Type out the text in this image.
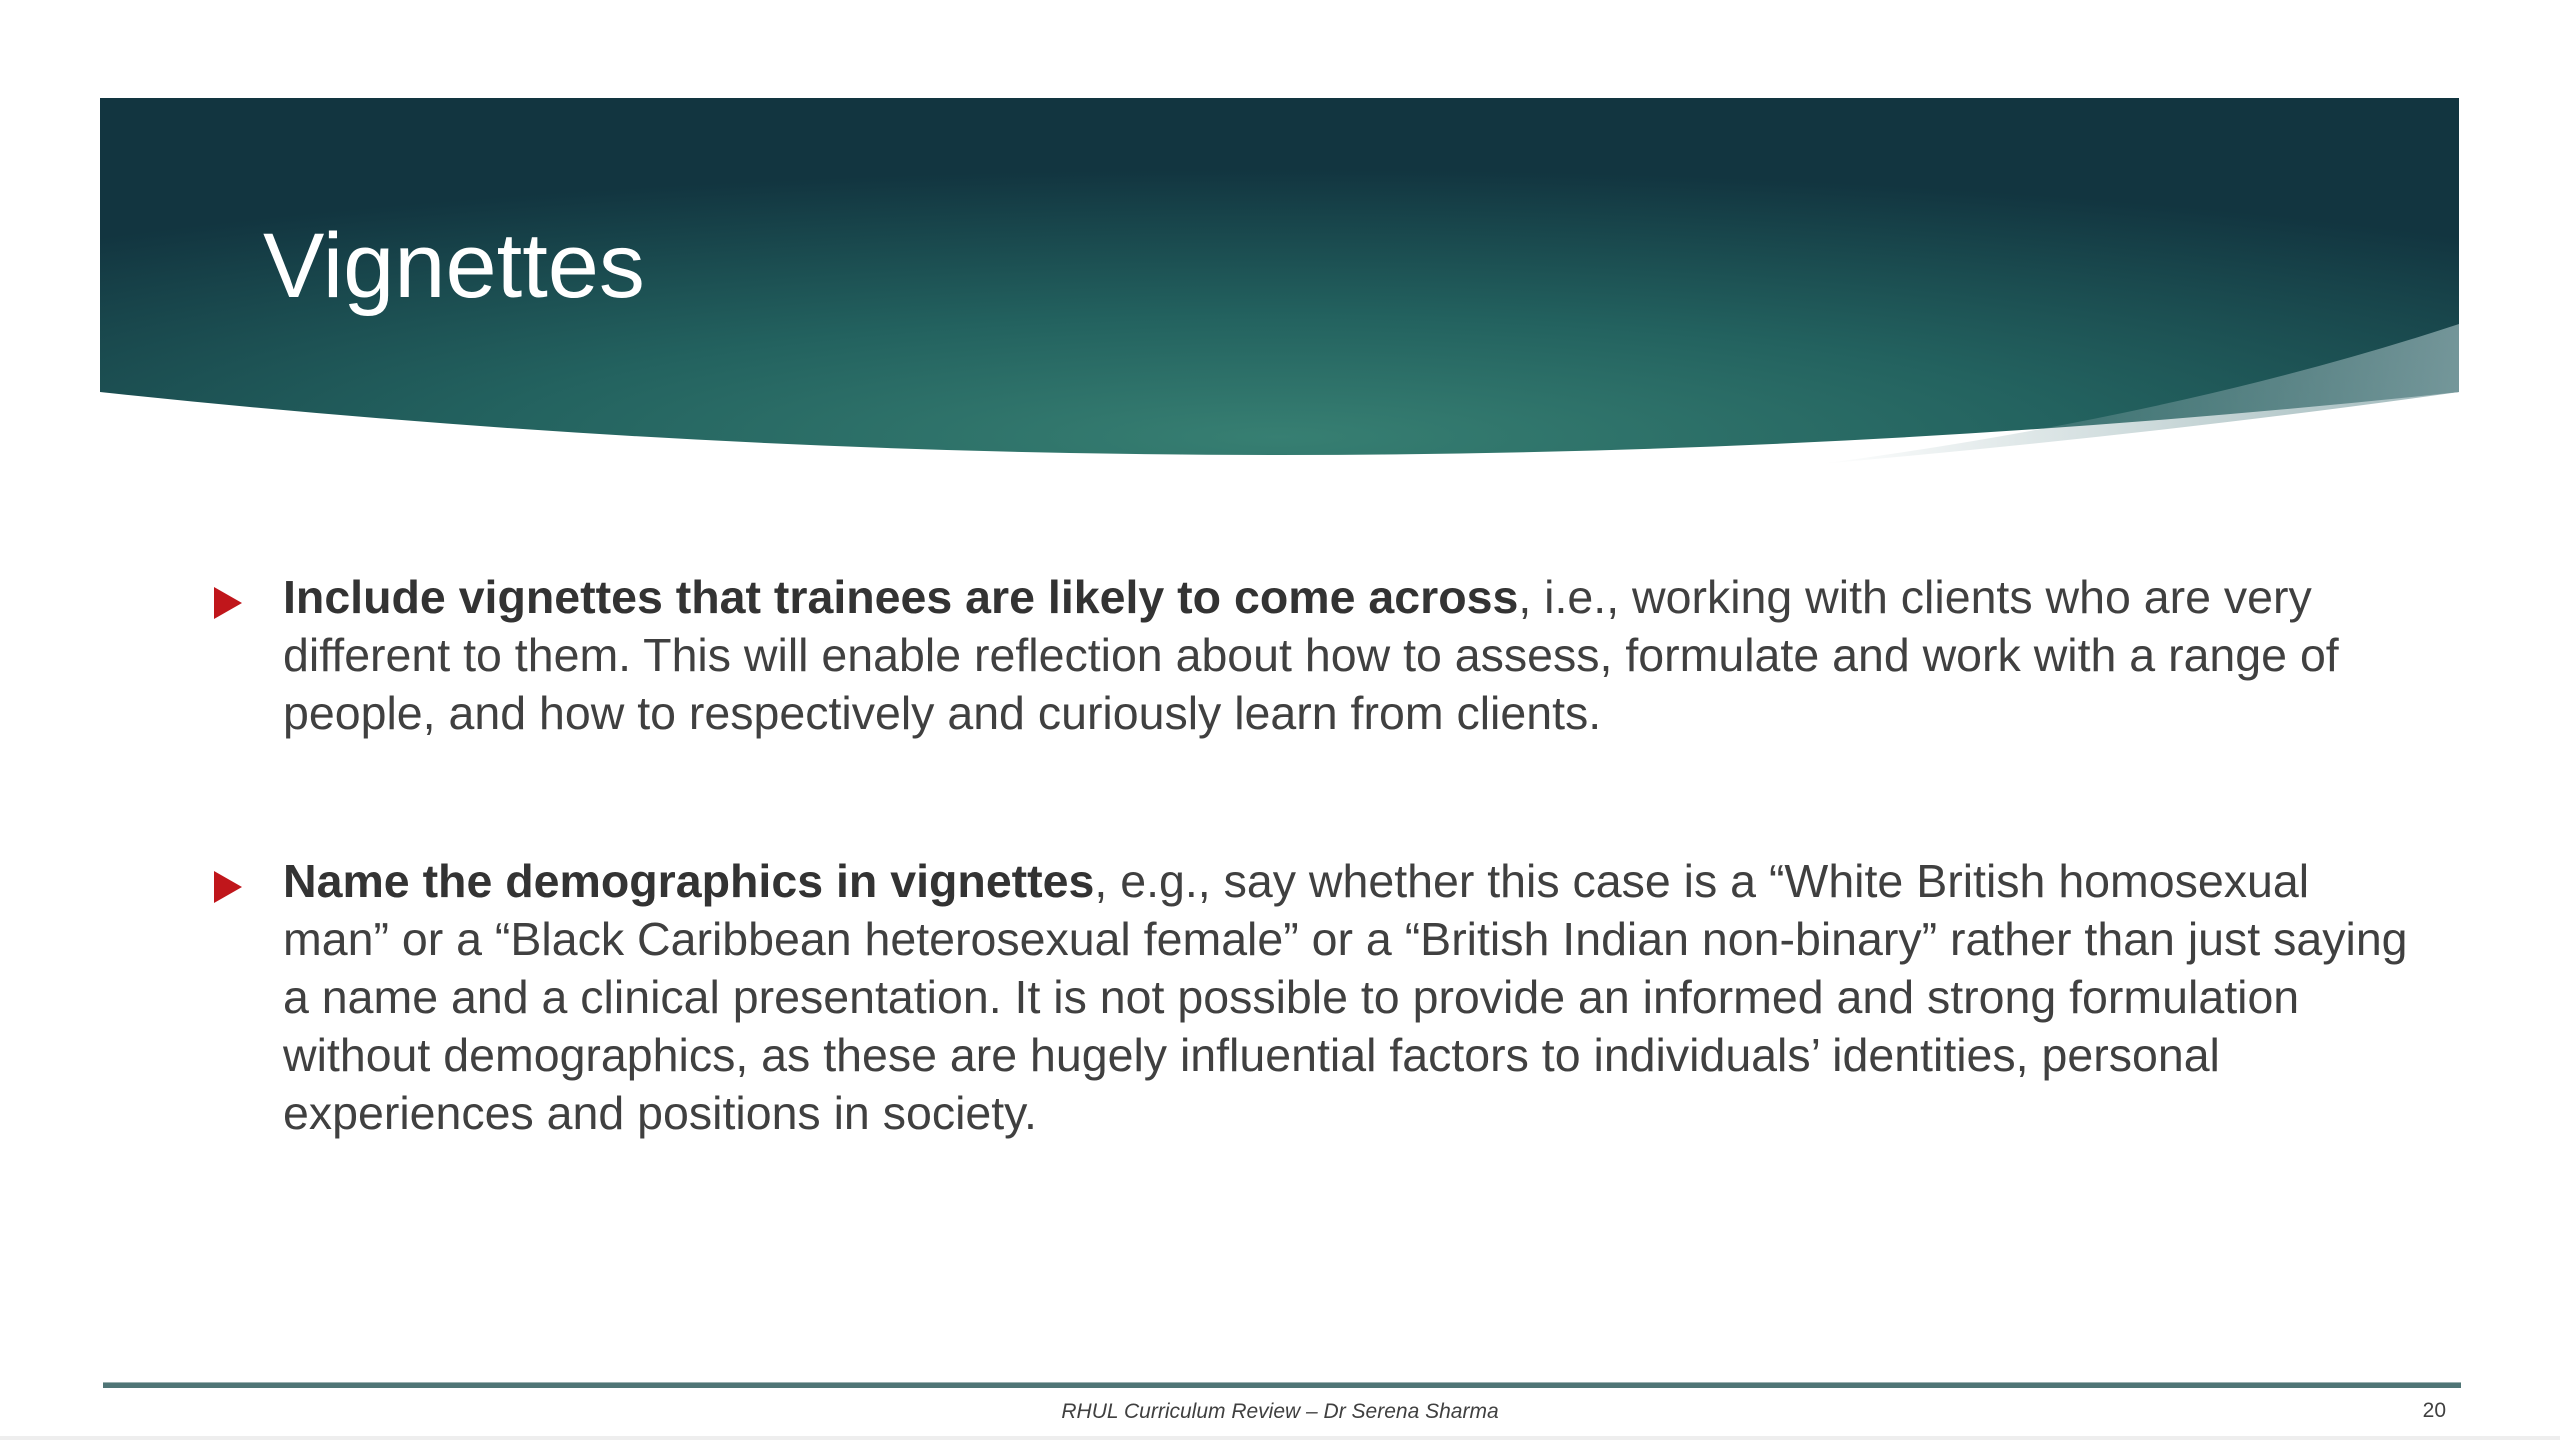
Vignettes
Include vignettes that trainees are likely to come across, i.e., working with clients who are very different to them. This will enable reflection about how to assess, formulate and work with a range of people, and how to respectively and curiously learn from clients.
Name the demographics in vignettes, e.g., say whether this case is a “White British homosexual man” or a “Black Caribbean heterosexual female” or a “British Indian non-binary” rather than just saying a name and a clinical presentation. It is not possible to provide an informed and strong formulation without demographics, as these are hugely influential factors to individuals’ identities, personal experiences and positions in society.
RHUL Curriculum Review – Dr Serena Sharma	20
